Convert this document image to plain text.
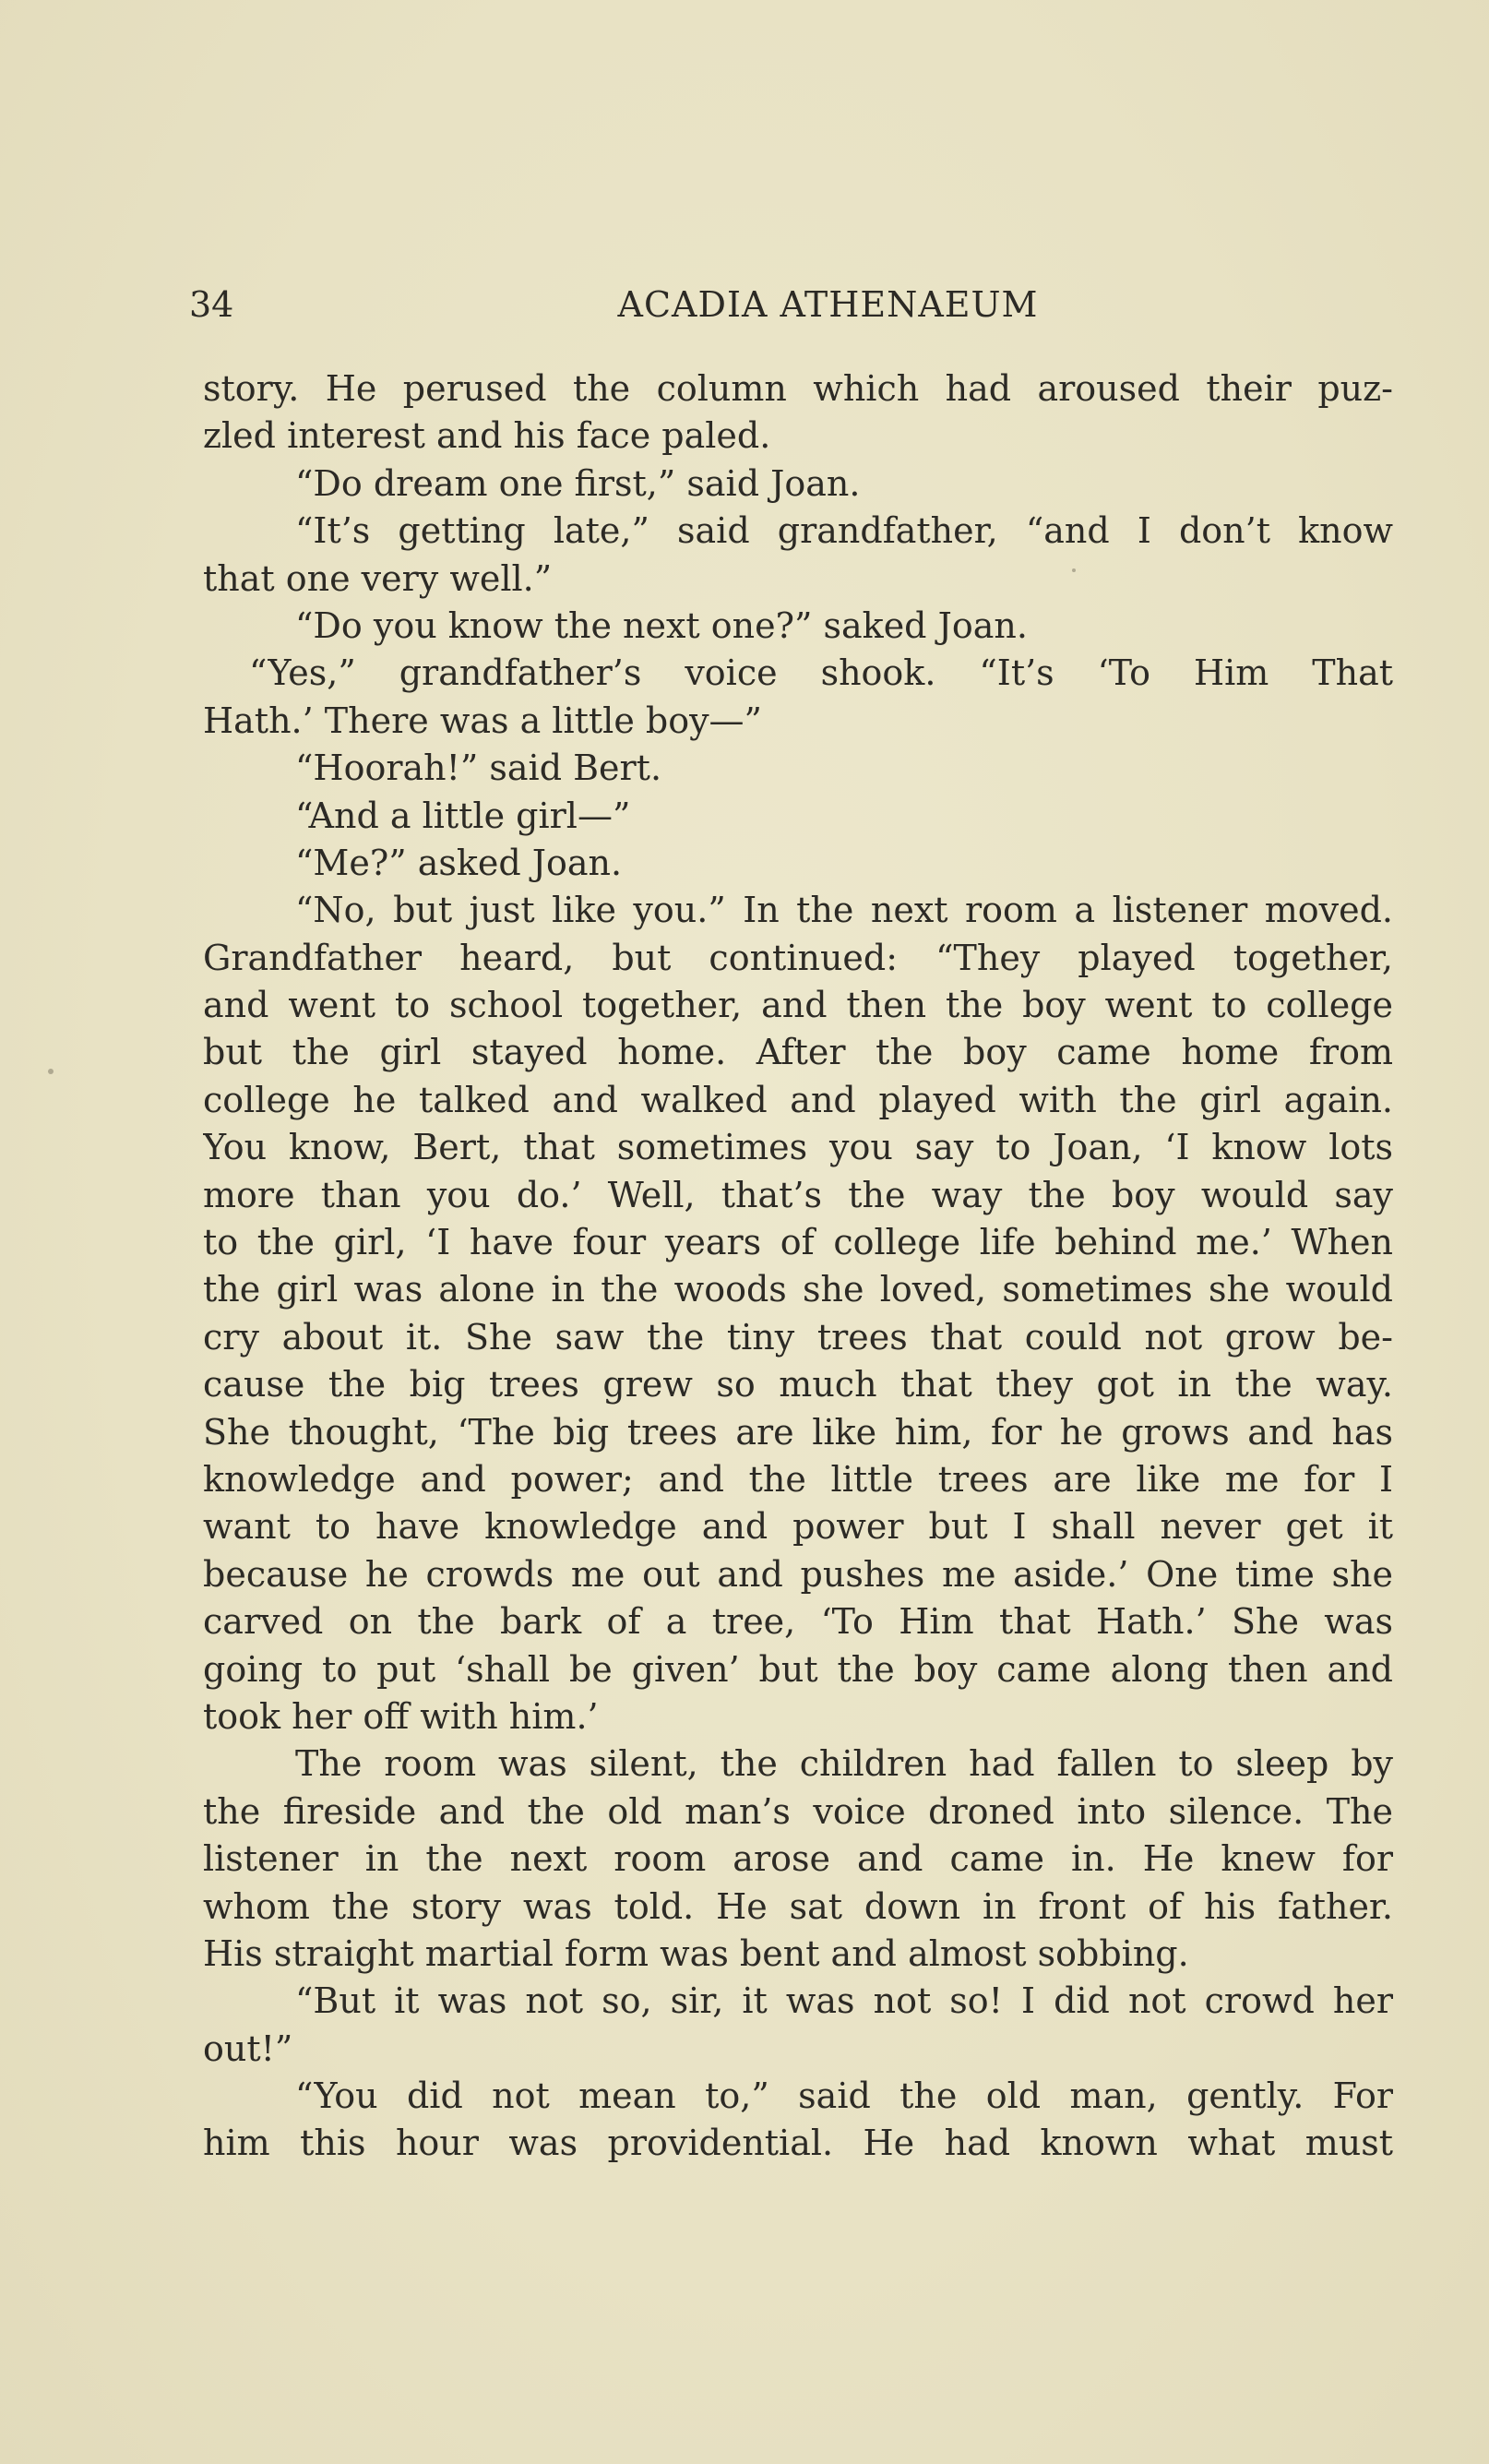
34	ACADIA ATHENAEUM
story. He perused the column which had aroused their puz-
zled interest and his face paled.
“Do dream one first,” said Joan.
“It’s getting late,” said grandfather, “and I don’t know
that one very well.”
“Do you know the next one?” saked Joan.
“Yes,” grandfather’s voice shook. “It’s ‘To Him That
Hath.’ There was a little boy—”
“Hoorah!” said Bert.
“And a little girl—”
“Me?” asked Joan.
“No, but just like you.” In the next room a listener moved.
Grandfather heard, but continued: “They played together,
and went to school together, and then the boy went to college
but the girl stayed home. After the boy came home from
college he talked and walked and played with the girl again.
You know, Bert, that sometimes you say to Joan, ‘I know lots
more than you do.’ Well, that’s the way the boy would say
to the girl, ‘I have four years of college life behind me.’ When
the girl was alone in the woods she loved, sometimes she would
cry about it. She saw the tiny trees that could not grow be-
cause the big trees grew so much that they got in the way.
She thought, ‘The big trees are like him, for he grows and has
knowledge and power; and the little trees are like me for I
want to have knowledge and power but I shall never get it
because he crowds me out and pushes me aside.’ One time she
carved on the bark of a tree, ‘To Him that Hath.’ She was
going to put ‘shall be given’ but the boy came along then and
took her off with him.’
The room was silent, the children had fallen to sleep by
the fireside and the old man’s voice droned into silence. The
listener in the next room arose and came in. He knew for
whom the story was told. He sat down in front of his father.
His straight martial form was bent and almost sobbing.
“But it was not so, sir, it was not so! I did not crowd her
out!”
“You did not mean to,” said the old man, gently. For
him this hour was providential. He had known what must
